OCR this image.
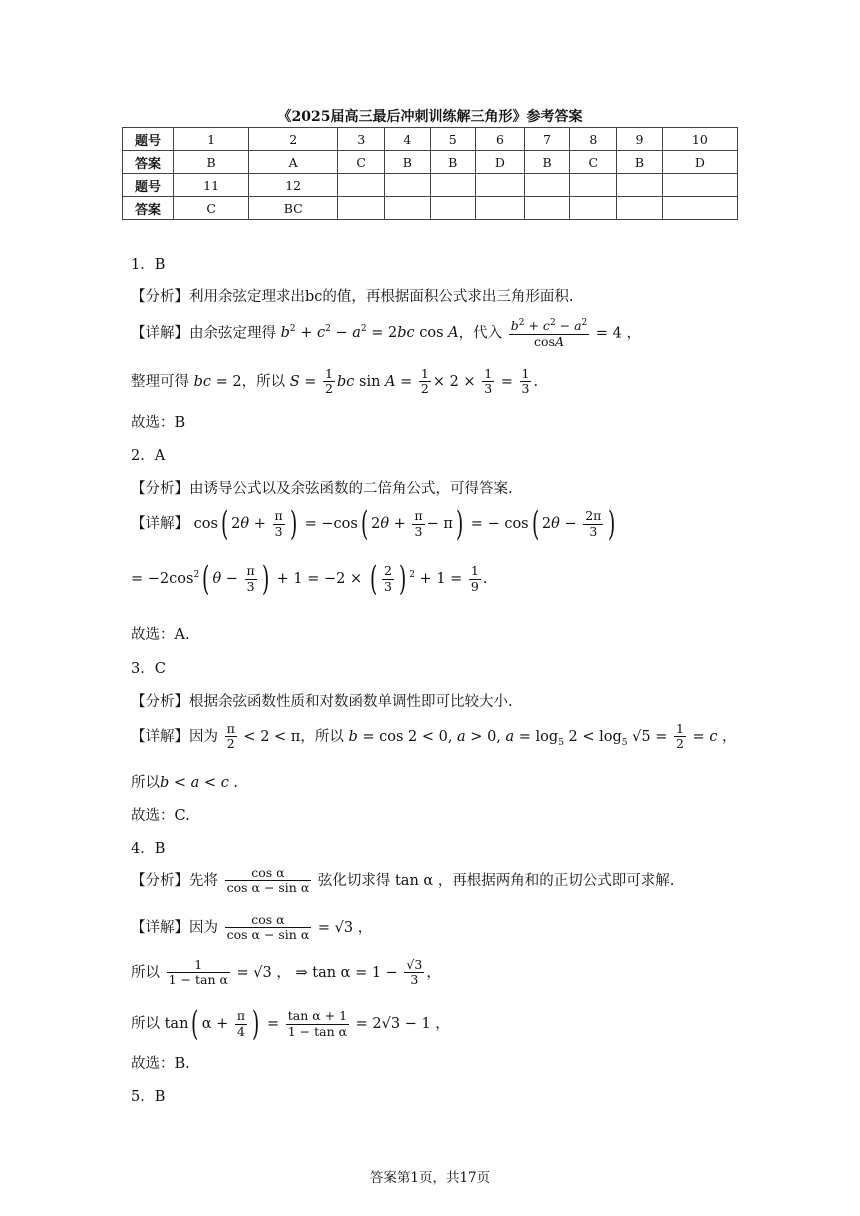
《2025届高三最后冲刺训练解三角形》参考答案
题号	1	2	3	4	5	6	7	8	9	10
答案	B	A	C	B	B	D	B	C	B	D
题号	11	12								
答案	C	BC								
1．B
【分析】利用余弦定理求出bc的值，再根据面积公式求出三角形面积.
【详解】由余弦定理得 $b^2 + c^2 - a^2 = 2bc$ cos A，代入 $\frac{b^2 + c^2 - a^2}{\cos A} = 4$ ，
整理可得 bc = 2，所以 $S = \frac{1}{2}$ bc $\sin A = \frac{1}{2} \times 2 \times \frac{1}{3} = \frac{1}{3}$ .
故选：B
2．A
【分析】由诱导公式以及余弦函数的二倍角公式，可得答案.
【详解】 cos( $2\theta + \frac{\pi}{3}$ ) = −cos( $2\theta + \frac{\pi}{3} - \pi$) = − cos( $2\theta - \frac{2\pi}{3}$ )
= $-2\cos^2$( $\theta - \frac{\pi}{3}$ ) + 1 = −2 × ( $\frac{2}{3}$ ) $^2 + 1 = \frac{1}{9}$ .
故选：A.
3．C
【分析】根据余弦函数性质和对数函数单调性即可比较大小.
【详解】因为 $\frac{\pi}{2} < 2 < \pi$，所以 b = cos 2 < 0, a > 0, $a = \log_5 2 < \log_5 √5 = \frac{1}{2} = c$ ，
所以b < a < c .
故选：C.
4．B
【分析】先将 $\frac{\text{cos α}}{\text{cos α − sin α}}$ 弦化切求得 tan α ，再根据两角和的正切公式即可求解.
【详解】因为 $\frac{\text{cos α}}{\text{cos α − sin α}} = √3$ ，
所以 $\frac{1}{\text{1 − tan α}} = √3$ ， ⇒ $\tan \alpha = 1 - \frac{√3}{3}$ ，
所以 tan( $\alpha + \frac{\pi}{4}$ ) = $\frac{\text{tan α + 1}}{\text{1 − tan α}} = 2√3 - 1$ ，
故选：B.
5．B
答案第1页，共17页
